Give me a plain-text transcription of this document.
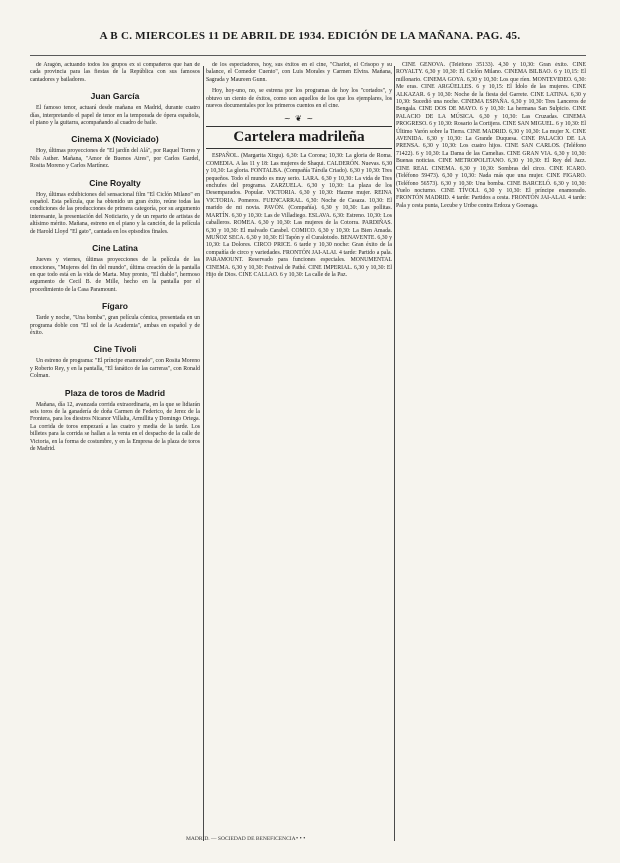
A B C. MIERCOLES 11 DE ABRIL DE 1934. EDICIÓN DE LA MAÑANA. PAG. 45.

de Aragón, actuando todos los grupos ex si compañeros que han de cada provincia para las fiestas de la República con sus famosos cantadores y bailadores.

Juan García

El famoso tenor, actuará desde mañana en Madrid, durante cuatro días, interpretando el papel de tenor en la temporada de ópera española, el piano y la guitarra, acompañando al cuadro de baile.

Cinema X (Noviciado)

Hoy, últimas proyecciones de "El jardín del Alá", por Raquel Torres y Nils Asther. Mañana, "Amor de Buenos Aires", por Carlos Gardel, Rosita Moreno y Carlos Martínez.

Cine Royalty

Hoy, últimas exhibiciones del sensacional film "El Ciclón Milano" en español. Esta película, que ha obtenido un gran éxito, reúne todas las condiciones de las producciones de primera categoría, por su argumento interesante, la presentación del Noticiario, y de un reparto de artistas de altísimo mérito. Mañana, estreno en el piano y la canción, de la película de Harold Lloyd "El gato", cantada en los episodios finales.

Cine Latina

Jueves y viernes, últimas proyecciones de la película de las emociones, "Mujeres del fin del mundo", última creación de la pantalla en que todo está en la vida de Marta. Muy pronto, "El diablo", hermoso argumento de Cecil B. de Mille, hecho en la pantalla por el procedimiento de la Casa Paramount.

Fígaro

Tarde y noche, "Una bomba", gran película cómica, presentada en un programa doble con "El sol de la Academia", ambas en español y de éxito.

Cine Tívoli

Un estreno de programa: "El príncipe enamorado", con Rosita Moreno y Roberto Rey, y en la pantalla, "El fanático de las carreras", con Ronald Colman.

Plaza de toros de Madrid

Mañana, día 12, avanzada corrida extraordinaria, en la que se lidiarán seis toros de la ganadería de doña Carmen de Federico, de Jerez de la Frontera, para los diestros Nicanor Villalta, Armillita y Domingo Ortega. La corrida de toros empezará a las cuatro y media de la tarde. Los billetes para la corrida se hallan a la venta en el despacho de la calle de Victoria, en la forma de costumbre, y en la Empresa de la plaza de toros de Madrid.

de los espectadores, hoy, sus éxitos en el cine, "Charlot, el Crisopo y su balance, el Comedor Cuento", con Luis Morales y Carmen Elvira. Mañana, Sagrada y Maureen Gunn.

Hoy, hoy-uno, no, se estrena por los programas de hoy los "cortados", y obtuvo un ciento de éxitos, como son aquellos de los que los ejemplares, los nuevos documentales por los primeros cuentos en el cine.

~ ❦ ~
Cartelera madrileña

ESPAÑOL. (Margarita Xirgu). 6,30: La Corona; 10,30: La gloria de Roma. COMEDIA. A las 11 y 18: Las mujeres de Shaqui. CALDERÓN. Nuevas. 6,30 y 10,30: La gloria. FONTALBA. (Compañía Társila Criado). 6,30 y 10,30: Tres pequeños. Todo el mundo es muy serio. LARA. 6,30 y 10,30: La vida de Tres enchufes del programa. ZARZUELA. 6,30 y 10,30: La plaza de los Desemparados. Popular. VICTORIA. 6,30 y 10,30: Hazme mujer. REINA VICTORIA. Pomeros. FUENCARRAL. 6,30: Noche de Casaza. 10,30: El marido de mi novia. PAVÓN. (Compañía). 6,30 y 10,30: Las pollitas. MARTÍN. 6,30 y 10,30: Las de Villadiego. ESLAVA. 6,30: Estreno. 10,30: Los caballeros. ROMEA. 6,30 y 10,30: Las mujeres de la Cotorra. PARDIÑAS. 6,30 y 10,30: El malvado Carabel. COMICO. 6,30 y 10,30: La Bien Amada. MUÑOZ SECA. 6,30 y 10,30: El Tapón y el Curalotodo. BENAVENTE. 6,30 y 10,30: La Dolores. CIRCO PRICE. 6 tarde y 10,30 noche: Gran éxito de la compañía de circo y variedades. FRONTÓN JAI-ALAI. 4 tarde: Partido a pala. PARAMOUNT. Reservado para funciones especiales. MONUMENTAL CINEMA. 6,30 y 10,30: Festival de Pathé. CINE IMPERIAL. 6,30 y 10,30: El Hijo de Dios. CINE CALLAO. 6 y 10,30: La calle de la Paz.

CINE GENOVA. (Teléfono 35133). 4,30 y 10,30: Gran éxito. CINE ROYALTY. 6,30 y 10,30: El Ciclón Milano. CINEMA BILBAO. 6 y 10,15: El millonario. CINEMA GOYA. 6,30 y 10,30: Los que ríen. MONTEVIDEO. 6,30: Me eras. CINE ARGÜELLES. 6 y 10,15: El Ídolo de las mujeres. CINE ALKAZAR. 6 y 10,30: Noche de la fiesta del Garrete. CINE LATINA. 6,30 y 10,30: Sucedió una noche. CINEMA ESPAÑA. 6,30 y 10,30: Tres Lanceros de Bengala. CINE DOS DE MAYO. 6 y 10,30: La hermana San Sulpicio. CINE PALACIO DE LA MÚSICA. 6,30 y 10,30: Las Cruzadas. CINEMA PROGRESO. 6 y 10,30: Rosario la Cortijera. CINE SAN MIGUEL. 6 y 10,30: El Último Varón sobre la Tierra. CINE MADRID. 6,30 y 10,30: La mujer X. CINE AVENIDA. 6,30 y 10,30: La Grande Duquesa. CINE PALACIO DE LA PRENSA. 6,30 y 10,30: Los cuatro hijos. CINE SAN CARLOS. (Teléfono 71422). 6 y 10,30: La Dama de las Camelias. CINE GRAN VIA. 6,30 y 10,30: Buenas noticias. CINE METROPOLITANO. 6,30 y 10,30: El Rey del Jazz. CINE REAL CINEMA. 6,30 y 10,30: Sombras del circo. CINE ICARO. (Teléfono 59473). 6,30 y 10,30: Nada más que una mujer. CINE FIGARO. (Teléfono 56573). 6,30 y 10,30: Una bomba. CINE BARCELÓ. 6,30 y 10,30: Vuelo nocturno. CINE TÍVOLI. 6,30 y 10,30: El príncipe enamorado. FRONTÓN MADRID. 4 tarde: Partidos a cesta. FRONTÓN JAI-ALAI. 4 tarde: Pala y cesta punta, Lecube y Uribe contra Erdoza y Goenaga.

MADRID. — SOCIEDAD DE BENEFICENCIA • • •
